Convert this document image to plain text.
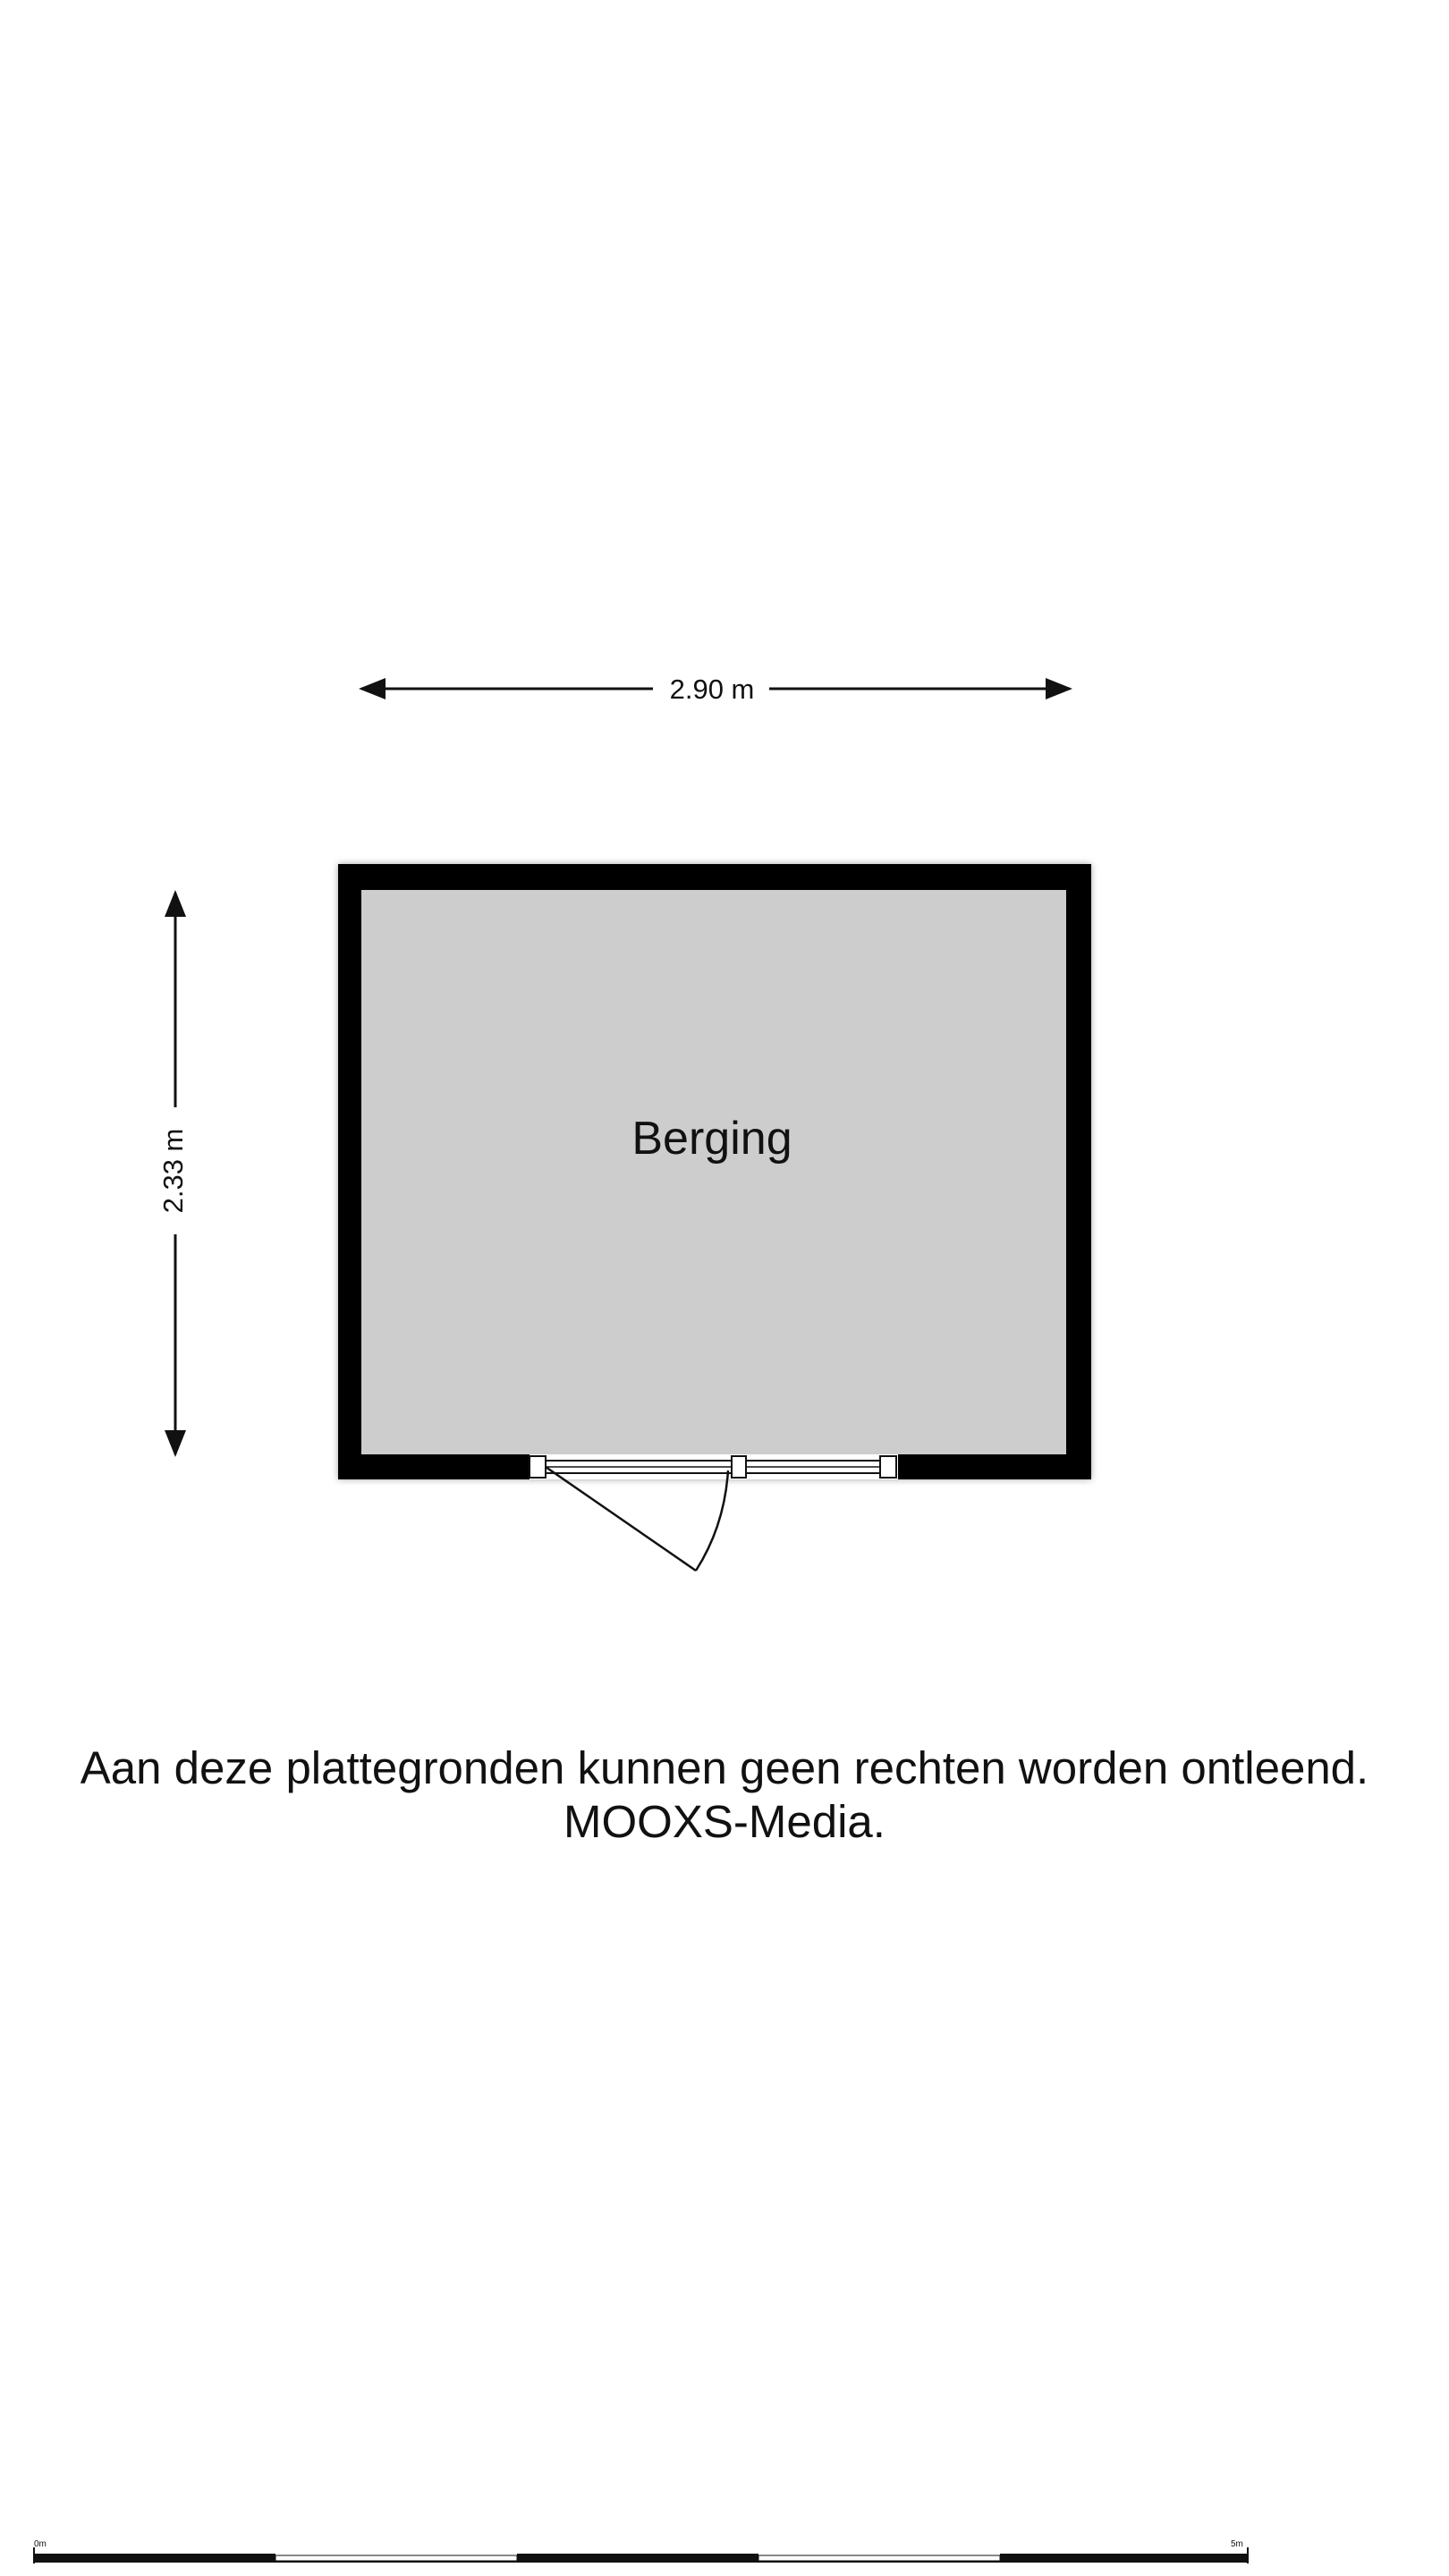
2.90 m
2.33 m	Berging
0m	5m

Aan deze plattegronden kunnen geen rechten worden ontleend.

MOOXS-Media.
